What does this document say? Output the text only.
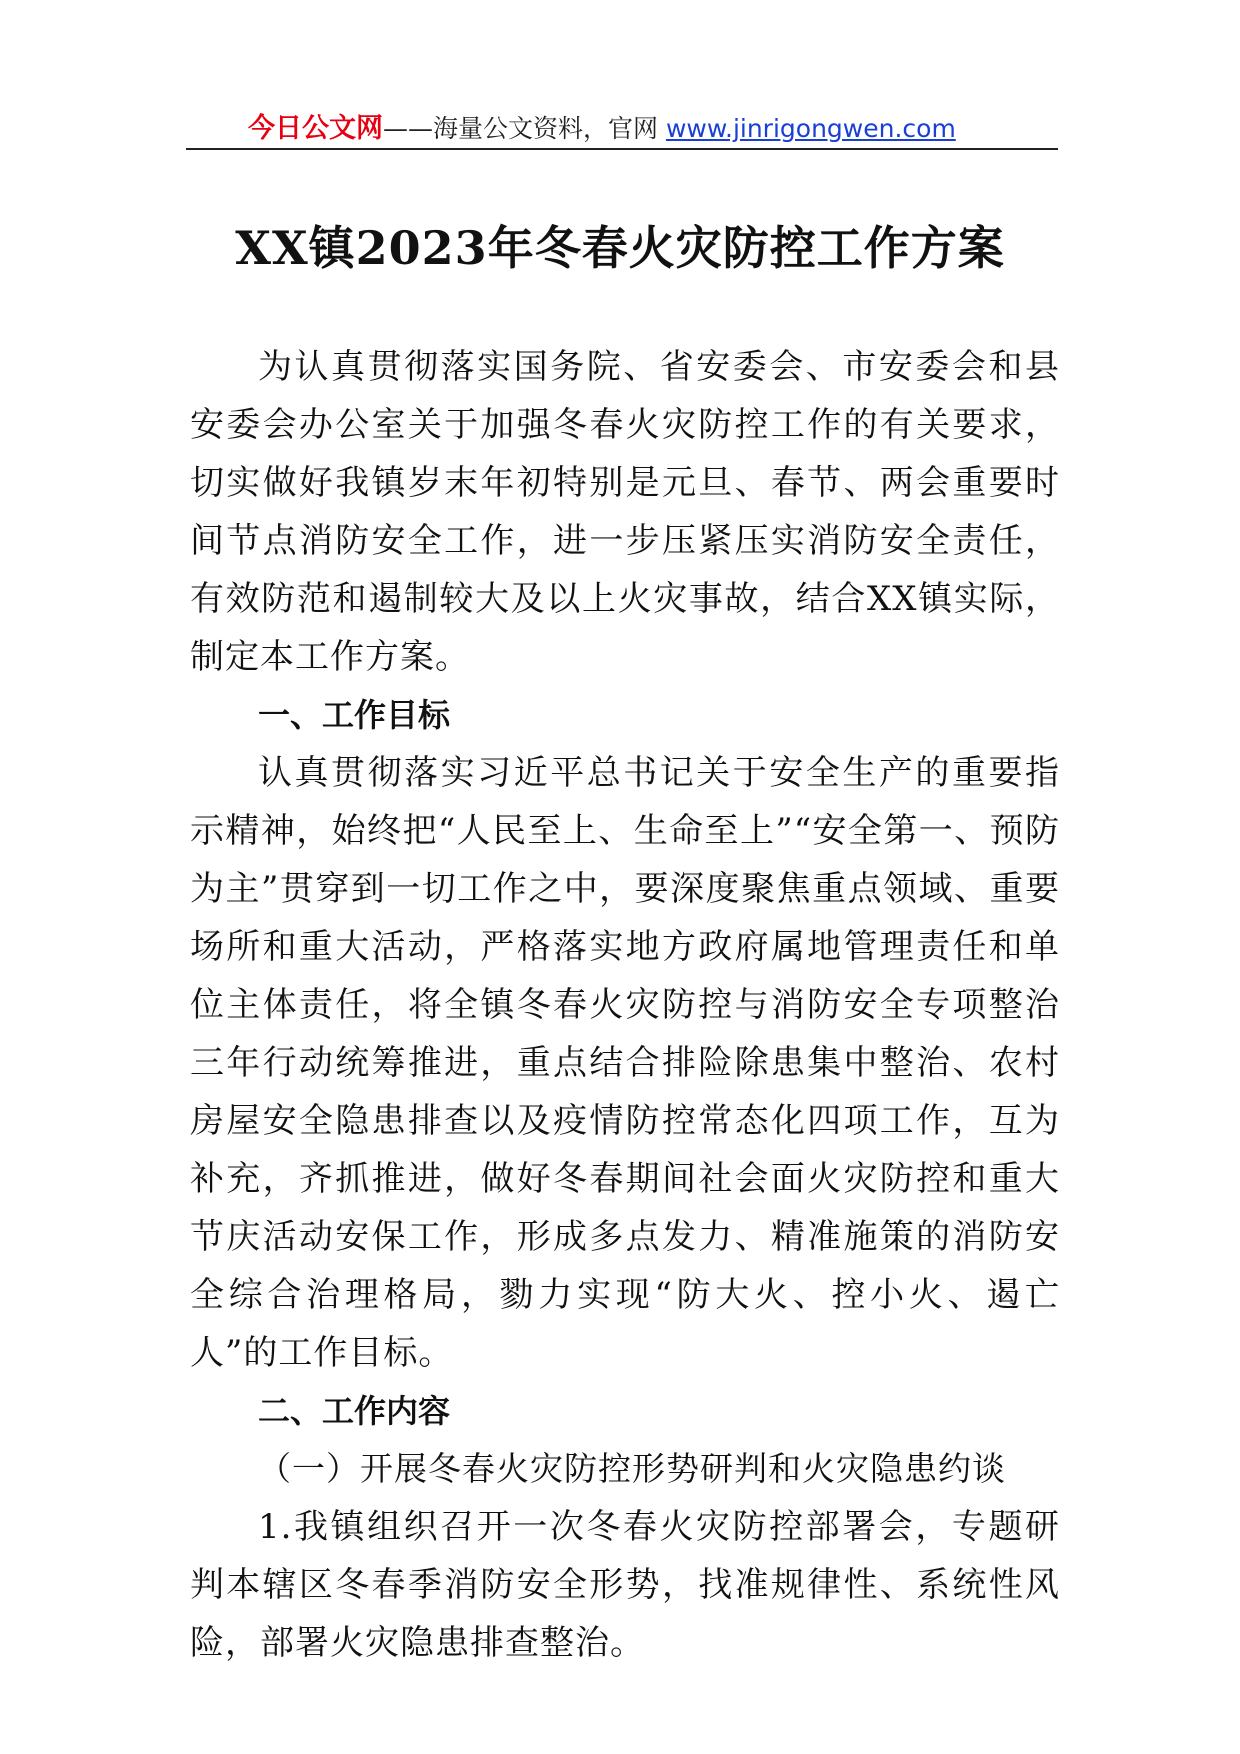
今日公文网——海量公文资料，官网 www.jinrigongwen.com
XX镇2023年冬春火灾防控工作方案

为认真贯彻落实国务院、省安委会、市安委会和县安委会办公室关于加强冬春火灾防控工作的有关要求，切实做好我镇岁末年初特别是元旦、春节、两会重要时间节点消防安全工作，进一步压紧压实消防安全责任，有效防范和遏制较大及以上火灾事故，结合XX镇实际，制定本工作方案。

一、工作目标

认真贯彻落实习近平总书记关于安全生产的重要指示精神，始终把“人民至上、生命至上”“安全第一、预防为主”贯穿到一切工作之中，要深度聚焦重点领域、重要场所和重大活动，严格落实地方政府属地管理责任和单位主体责任，将全镇冬春火灾防控与消防安全专项整治三年行动统筹推进，重点结合排险除患集中整治、农村房屋安全隐患排查以及疫情防控常态化四项工作，互为补充，齐抓推进，做好冬春期间社会面火灾防控和重大节庆活动安保工作，形成多点发力、精准施策的消防安全综合治理格局，勠力实现“防大火、控小火、遏亡人”的工作目标。

二、工作内容

（一）开展冬春火灾防控形势研判和火灾隐患约谈

1.我镇组织召开一次冬春火灾防控部署会，专题研判本辖区冬春季消防安全形势，找准规律性、系统性风险，部署火灾隐患排查整治。
